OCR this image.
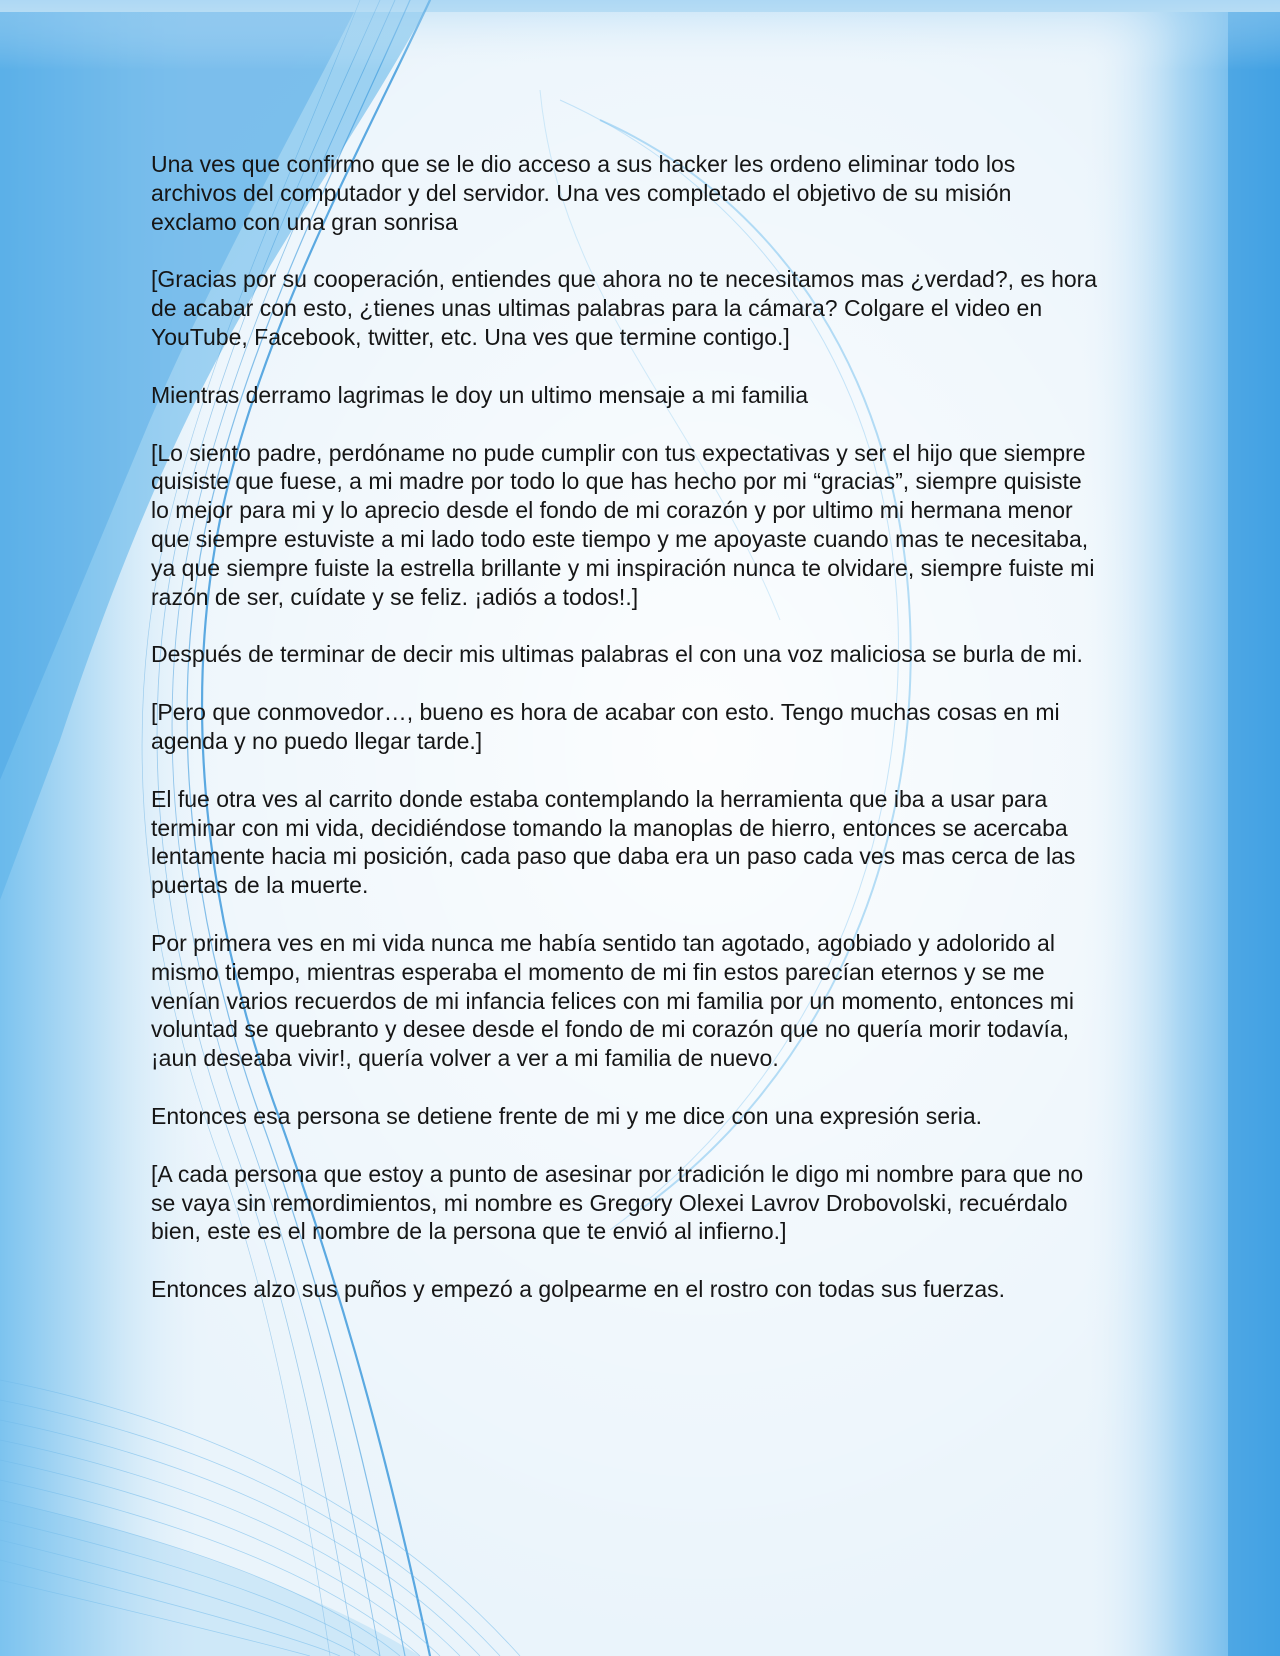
Una ves que confirmo que se le dio acceso a sus hacker les ordeno eliminar todo los archivos del computador y del servidor. Una ves completado el objetivo de su misión exclamo con una gran sonrisa

[Gracias por su cooperación, entiendes que ahora no te necesitamos mas ¿verdad?, es hora de acabar con esto, ¿tienes unas ultimas palabras para la cámara? Colgare el video en YouTube, Facebook, twitter, etc. Una ves que termine contigo.]

Mientras derramo lagrimas le doy un ultimo mensaje a mi familia

[Lo siento padre, perdóname no pude cumplir con tus expectativas y ser el hijo que siempre quisiste que fuese, a mi madre por todo lo que has hecho por mi “gracias”, siempre quisiste lo mejor para mi y lo aprecio desde el fondo de mi corazón y por ultimo mi hermana menor que siempre estuviste a mi lado todo este tiempo y me apoyaste cuando mas te necesitaba, ya que siempre fuiste la estrella brillante y mi inspiración nunca te olvidare, siempre fuiste mi razón de ser, cuídate y se feliz. ¡adiós a todos!.]

Después de terminar de decir mis ultimas palabras el con una voz maliciosa se burla de mi.

[Pero que conmovedor…, bueno es hora de acabar con esto. Tengo muchas cosas en mi agenda y no puedo llegar tarde.]

El fue otra ves al carrito donde estaba contemplando la herramienta que iba a usar para terminar con mi vida, decidiéndose tomando la manoplas de hierro, entonces se acercaba lentamente hacia mi posición, cada paso que daba era un paso cada ves mas cerca de las puertas de la muerte.

Por primera ves en mi vida nunca me había sentido tan agotado, agobiado y adolorido al mismo tiempo, mientras esperaba el momento de mi fin estos parecían eternos y se me venían varios recuerdos de mi infancia felices con mi familia por un momento, entonces mi voluntad se quebranto y desee desde el fondo de mi corazón que no quería morir todavía, ¡aun deseaba vivir!, quería volver a ver a mi familia de nuevo.

Entonces esa persona se detiene frente de mi y me dice con una expresión seria.

[A cada persona que estoy a punto de asesinar por tradición le digo mi nombre para que no se vaya sin remordimientos, mi nombre es Gregory Olexei Lavrov Drobovolski, recuérdalo bien, este es el nombre de la persona que te envió al infierno.]

Entonces alzo sus puños y empezó a golpearme en el rostro con todas sus fuerzas.
